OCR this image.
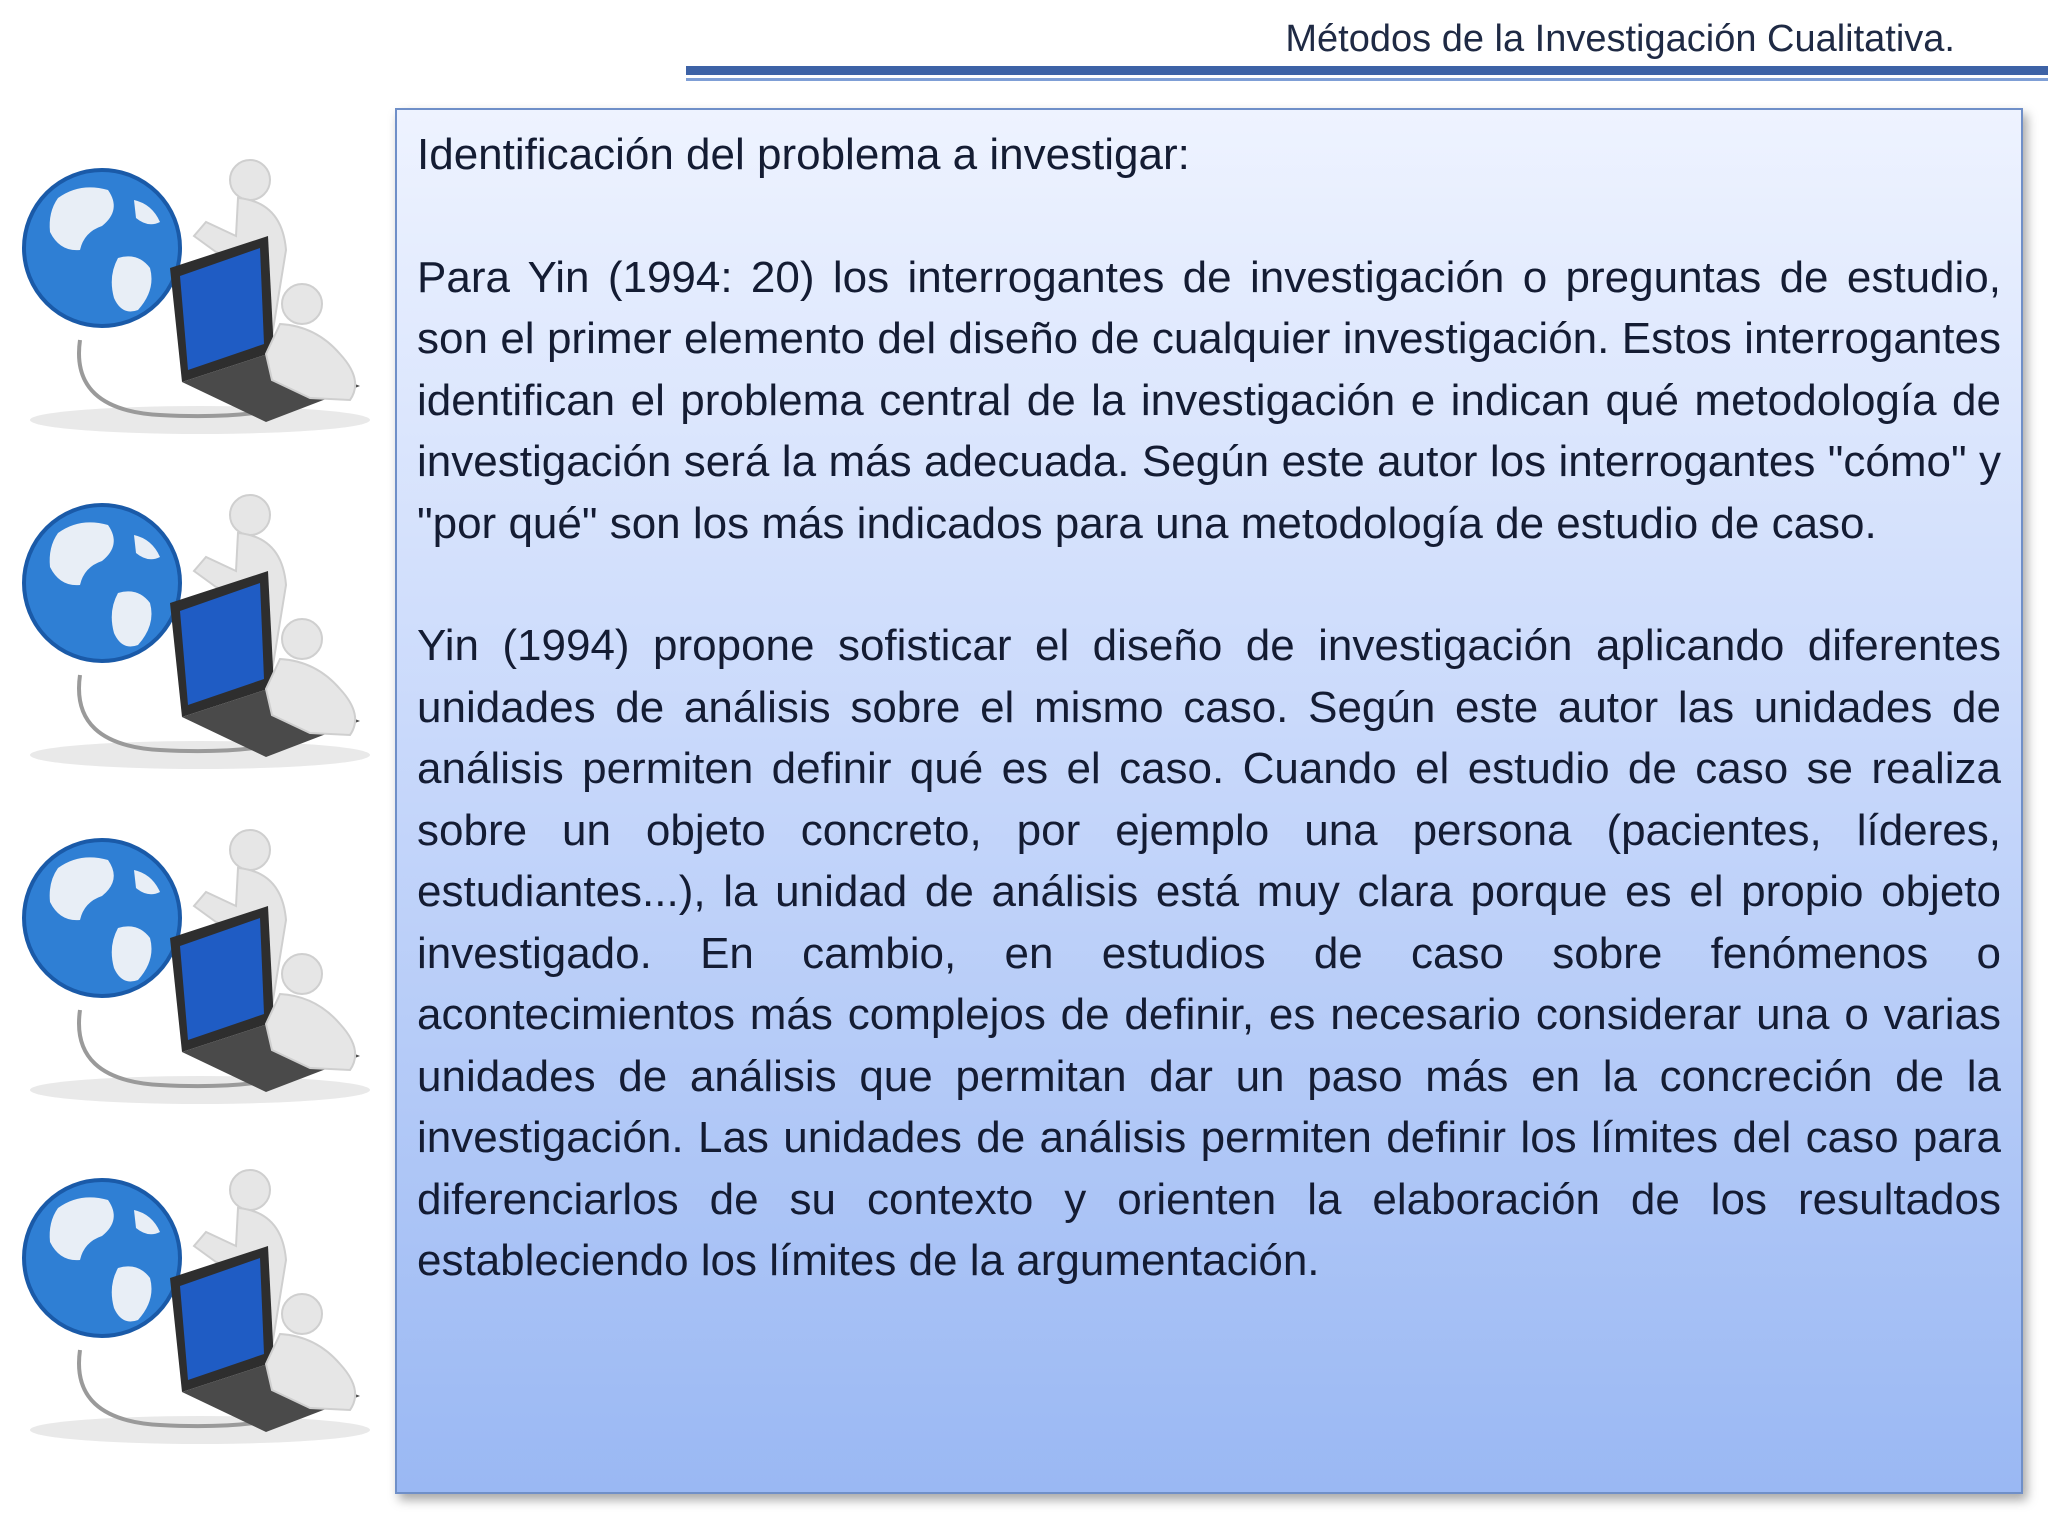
Métodos de la Investigación Cualitativa.

Identificación del problema a investigar:

Para Yin (1994: 20) los interrogantes de investigación o preguntas de estudio, son el primer elemento del diseño de cualquier investigación. Estos interrogantes identifican el problema central de la investigación e indican qué metodología de investigación será la más adecuada. Según este autor los interrogantes "cómo" y "por qué" son los más indicados para una metodología de estudio de caso.

Yin (1994) propone sofisticar el diseño de investigación aplicando diferentes unidades de análisis sobre el mismo caso. Según este autor las unidades de análisis permiten definir qué es el caso. Cuando el estudio de caso se realiza sobre un objeto concreto, por ejemplo una persona (pacientes, líderes, estudiantes...), la unidad de análisis está muy clara porque es el propio objeto investigado. En cambio, en estudios de caso sobre fenómenos o acontecimientos más complejos de definir, es necesario considerar una o varias unidades de análisis que permitan dar un paso más en la concreción de la investigación. Las unidades de análisis permiten definir los límites del caso para diferenciarlos de su contexto y orienten la elaboración de los resultados estableciendo los límites de la argumentación.
